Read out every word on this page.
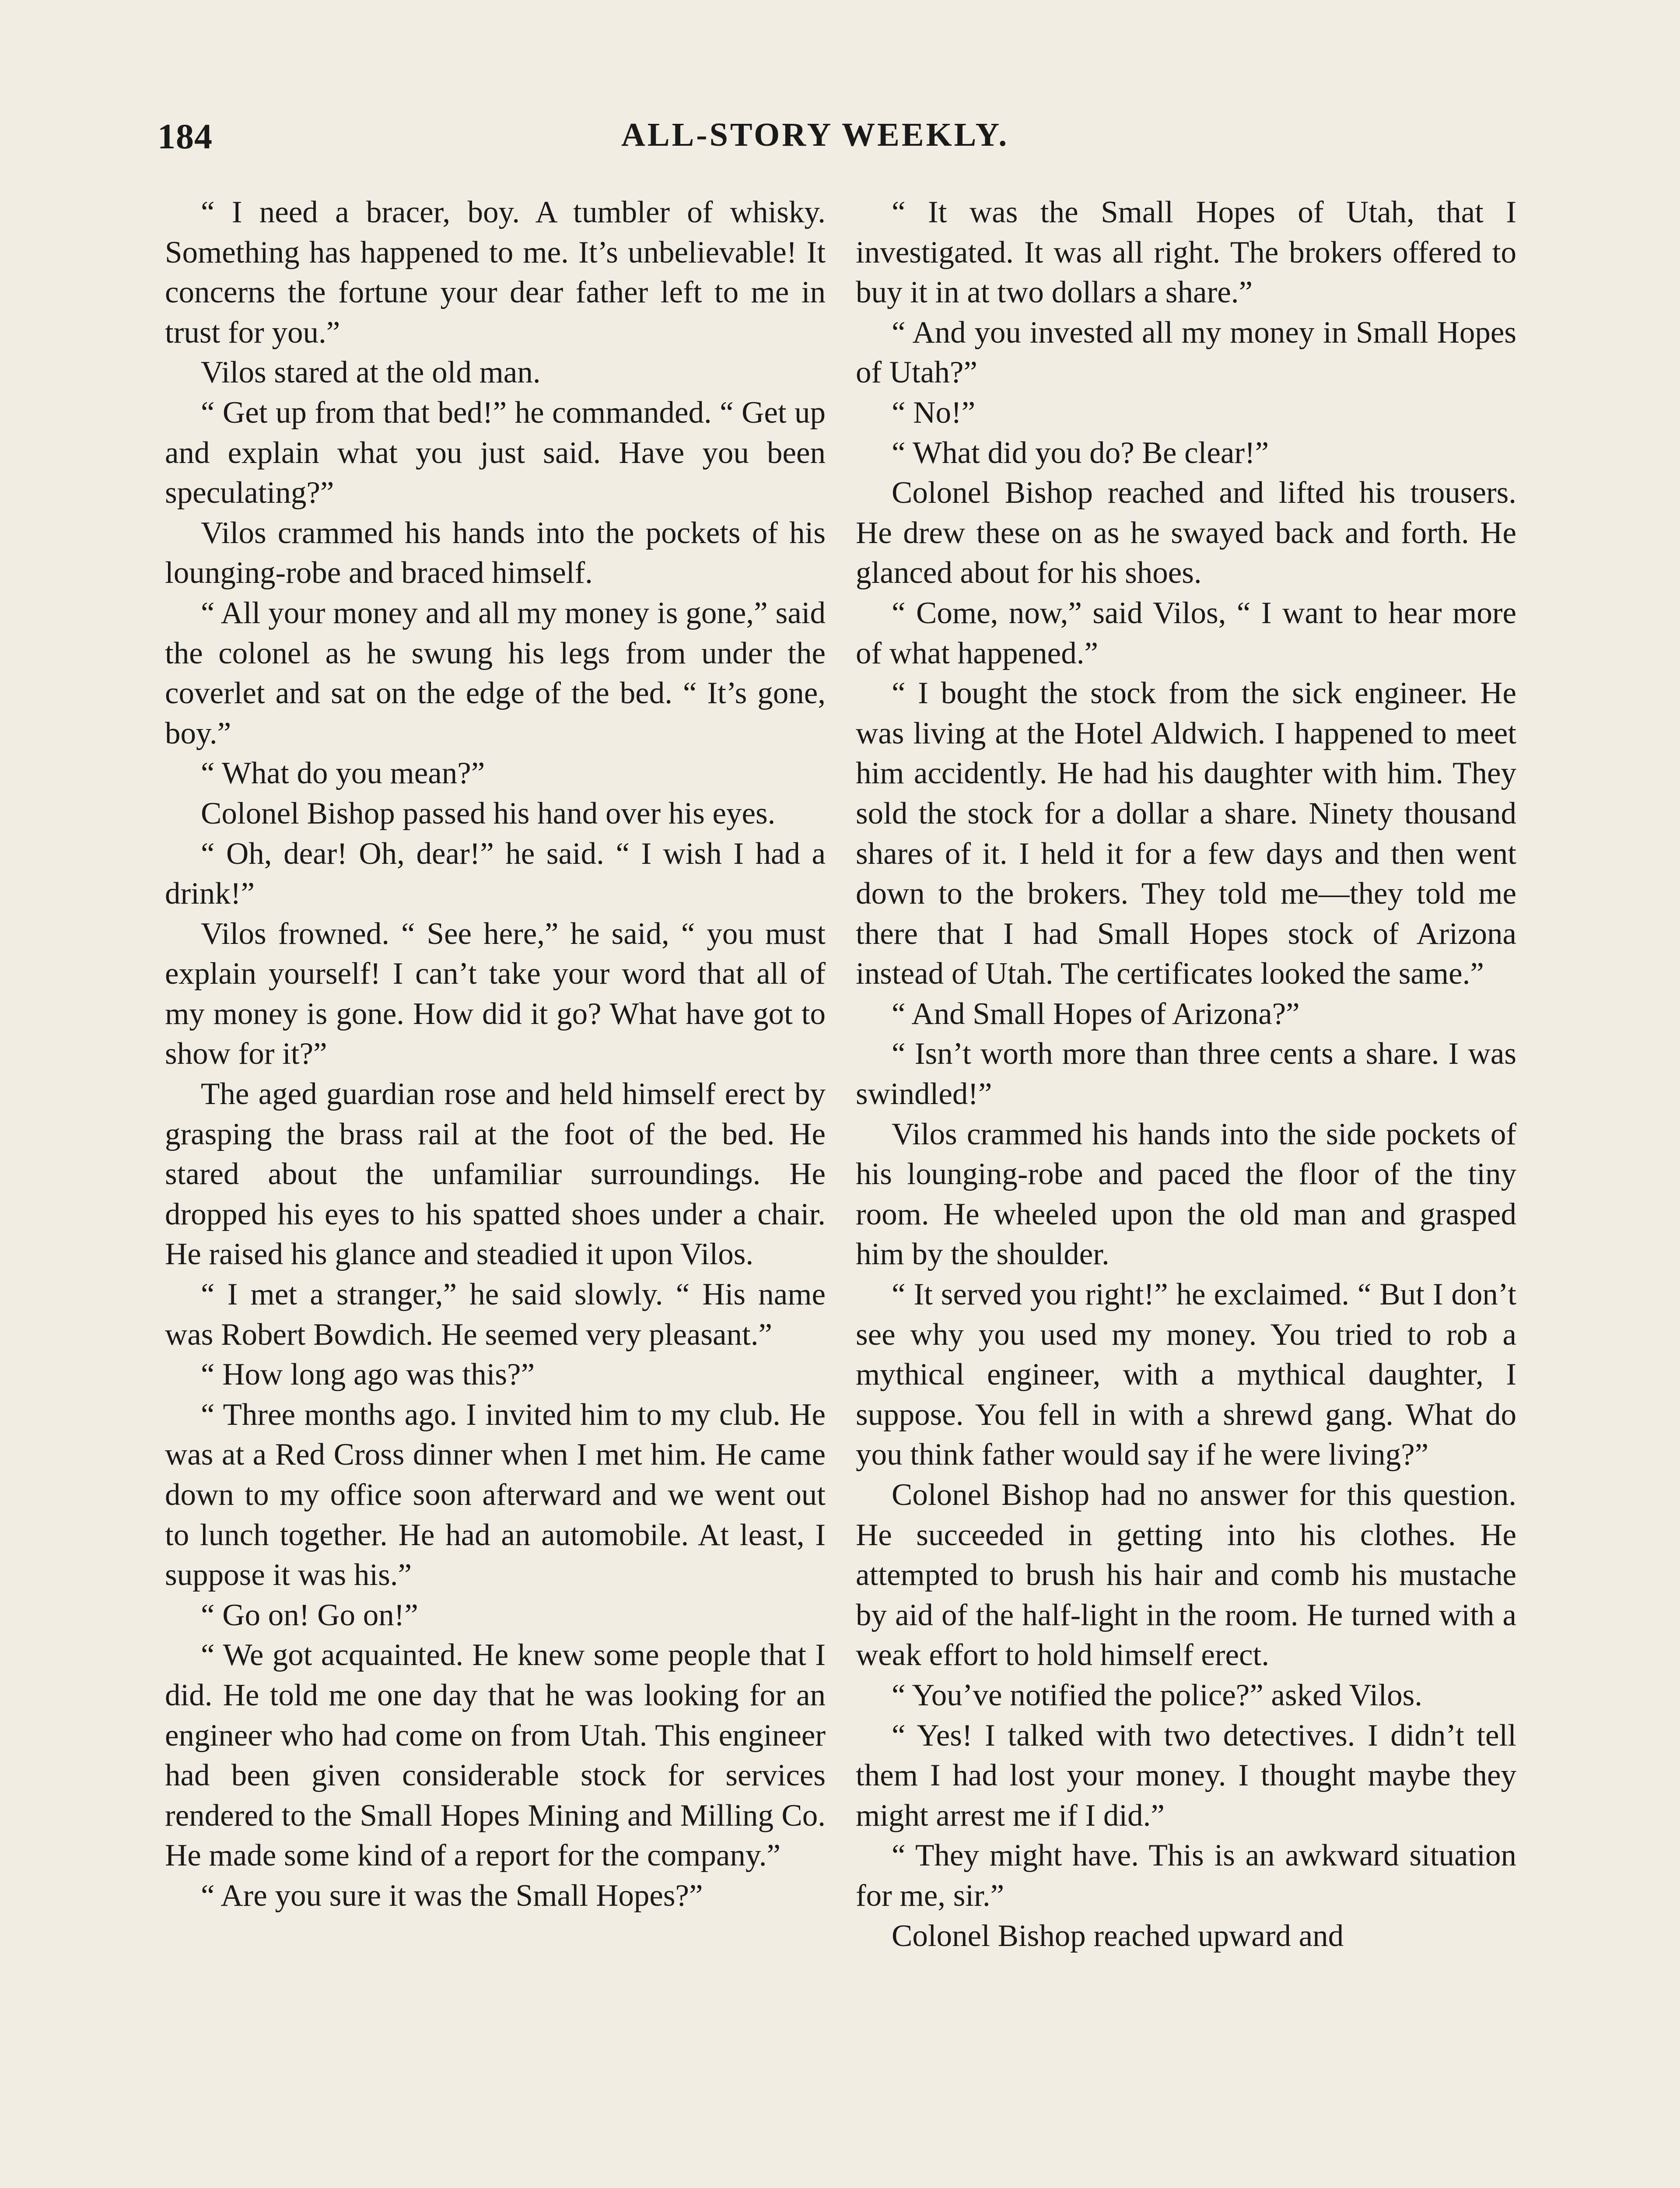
184	ALL-STORY WEEKLY.

“ I need a bracer, boy. A tumbler of whisky. Something has happened to me. It’s unbelievable! It concerns the fortune your dear father left to me in trust for you.”

Vilos stared at the old man.

“ Get up from that bed!” he commanded. “ Get up and explain what you just said. Have you been speculating?”

Vilos crammed his hands into the pockets of his lounging-robe and braced himself.

“ All your money and all my money is gone,” said the colonel as he swung his legs from under the coverlet and sat on the edge of the bed. “ It’s gone, boy.”

“ What do you mean?”

Colonel Bishop passed his hand over his eyes.

“ Oh, dear! Oh, dear!” he said. “ I wish I had a drink!”

Vilos frowned. “ See here,” he said, “ you must explain yourself! I can’t take your word that all of my money is gone. How did it go? What have got to show for it?”

The aged guardian rose and held himself erect by grasping the brass rail at the foot of the bed. He stared about the unfamiliar surroundings. He dropped his eyes to his spatted shoes under a chair. He raised his glance and steadied it upon Vilos.

“ I met a stranger,” he said slowly. “ His name was Robert Bowdich. He seemed very pleasant.”

“ How long ago was this?”

“ Three months ago. I invited him to my club. He was at a Red Cross dinner when I met him. He came down to my office soon afterward and we went out to lunch together. He had an automobile. At least, I suppose it was his.”

“ Go on! Go on!”

“ We got acquainted. He knew some people that I did. He told me one day that he was looking for an engineer who had come on from Utah. This engineer had been given considerable stock for services rendered to the Small Hopes Mining and Milling Co. He made some kind of a report for the company.”

“ Are you sure it was the Small Hopes?”

“ It was the Small Hopes of Utah, that I investigated. It was all right. The brokers offered to buy it in at two dollars a share.”

“ And you invested all my money in Small Hopes of Utah?”

“ No!”

“ What did you do? Be clear!”

Colonel Bishop reached and lifted his trousers. He drew these on as he swayed back and forth. He glanced about for his shoes.

“ Come, now,” said Vilos, “ I want to hear more of what happened.”

“ I bought the stock from the sick engineer. He was living at the Hotel Aldwich. I happened to meet him accidently. He had his daughter with him. They sold the stock for a dollar a share. Ninety thousand shares of it. I held it for a few days and then went down to the brokers. They told me—they told me there that I had Small Hopes stock of Arizona instead of Utah. The certificates looked the same.”

“ And Small Hopes of Arizona?”

“ Isn’t worth more than three cents a share. I was swindled!”

Vilos crammed his hands into the side pockets of his lounging-robe and paced the floor of the tiny room. He wheeled upon the old man and grasped him by the shoulder.

“ It served you right!” he exclaimed. “ But I don’t see why you used my money. You tried to rob a mythical engineer, with a mythical daughter, I suppose. You fell in with a shrewd gang. What do you think father would say if he were living?”

Colonel Bishop had no answer for this question. He succeeded in getting into his clothes. He attempted to brush his hair and comb his mustache by aid of the half-light in the room. He turned with a weak effort to hold himself erect.

“ You’ve notified the police?” asked Vilos.

“ Yes! I talked with two detectives. I didn’t tell them I had lost your money. I thought maybe they might arrest me if I did.”

“ They might have. This is an awkward situation for me, sir.”

Colonel Bishop reached upward and
